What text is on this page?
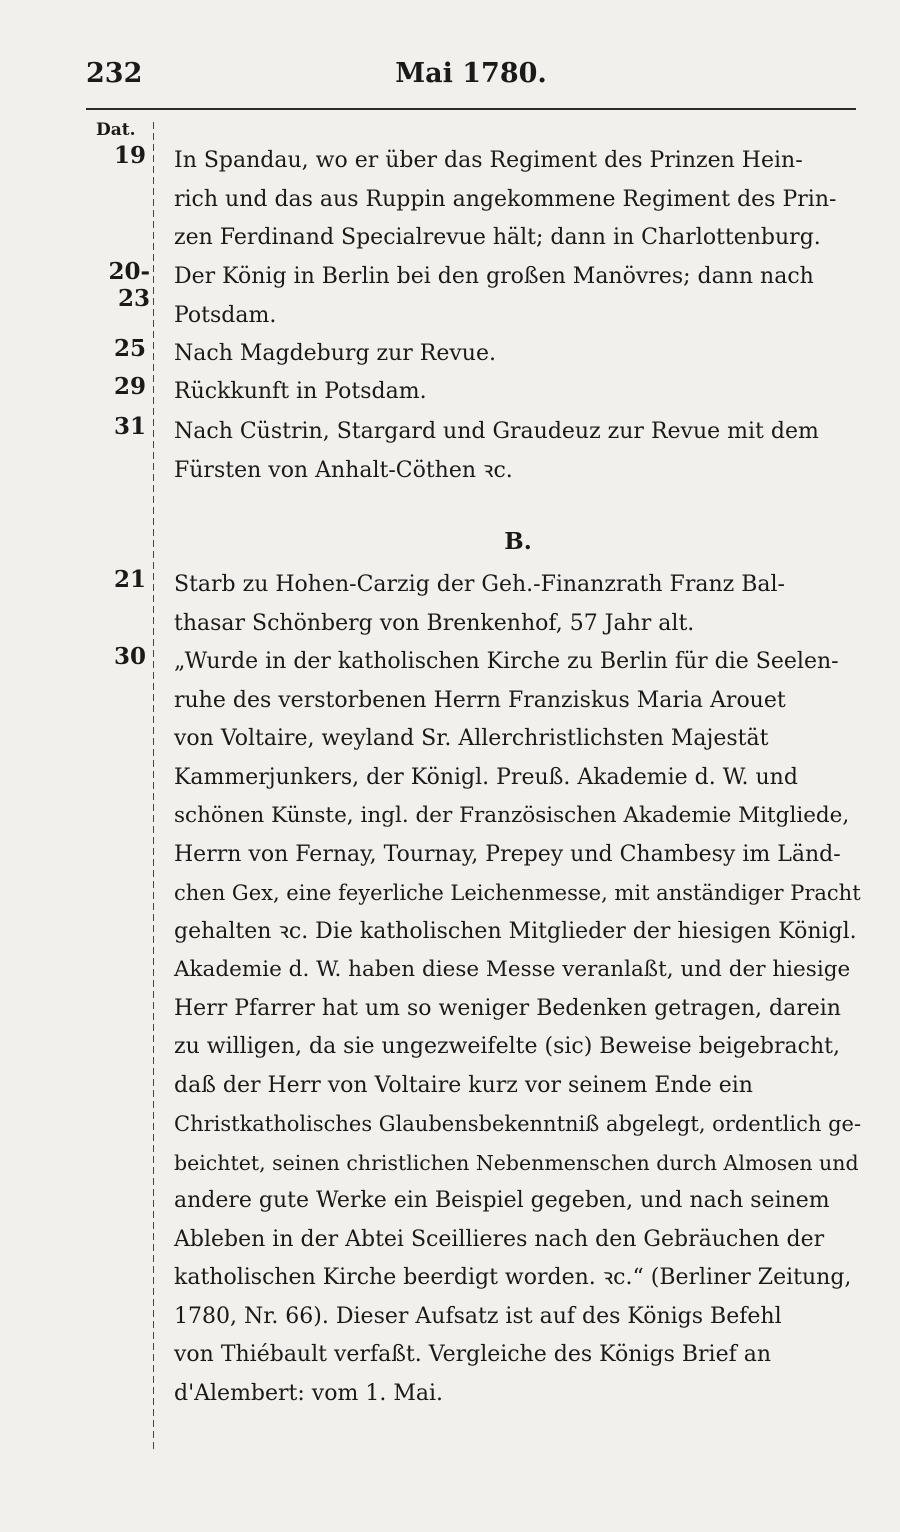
232	Mai 1780.
Dat.
19 In Spandau, wo er über das Regiment des Prinzen Hein-
rich und das aus Ruppin angekommene Regiment des Prin-
zen Ferdinand Specialrevue hält; dann in Charlottenburg.
20-23
Der König in Berlin bei den großen Manövres; dann nach
Potsdam.
25 Nach Magdeburg zur Revue.
29 Rückkunft in Potsdam.
31 Nach Cüstrin, Stargard und Graudeuz zur Revue mit dem
Fürsten von Anhalt-Cöthen ꝛc.
B.
21 Starb zu Hohen-Carzig der Geh.-Finanzrath Franz Bal-
thasar Schönberg von Brenkenhof, 57 Jahr alt.
30 „Wurde in der katholischen Kirche zu Berlin für die Seelen-
ruhe des verstorbenen Herrn Franziskus Maria Arouet
von Voltaire, weyland Sr. Allerchristlichsten Majestät
Kammerjunkers, der Königl. Preuß. Akademie d. W. und
schönen Künste, ingl. der Französischen Akademie Mitgliede,
Herrn von Fernay, Tournay, Prepey und Chambesy im Länd-
chen Gex, eine feyerliche Leichenmesse, mit anständiger Pracht
gehalten ꝛc. Die katholischen Mitglieder der hiesigen Königl.
Akademie d. W. haben diese Messe veranlaßt, und der hiesige
Herr Pfarrer hat um so weniger Bedenken getragen, darein
zu willigen, da sie ungezweifelte (sic) Beweise beigebracht,
daß der Herr von Voltaire kurz vor seinem Ende ein
Christkatholisches Glaubensbekenntniß abgelegt, ordentlich ge-
beichtet, seinen christlichen Nebenmenschen durch Almosen und
andere gute Werke ein Beispiel gegeben, und nach seinem
Ableben in der Abtei Sceillieres nach den Gebräuchen der
katholischen Kirche beerdigt worden. ꝛc.“ (Berliner Zeitung,
1780, Nr. 66). Dieser Aufsatz ist auf des Königs Befehl
von Thiébault verfaßt. Vergleiche des Königs Brief an
d'Alembert: vom 1. Mai.
